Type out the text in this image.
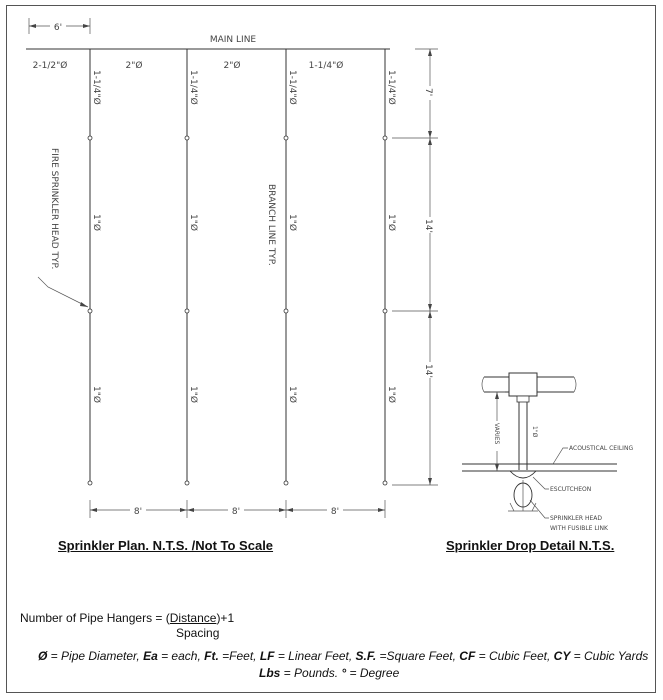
6'
MAIN LINE
2-1/2"Ø	2"Ø	2"Ø	1-1/4"Ø
1-1/4"Ø
1"Ø
1"Ø
1-1/4"Ø
1"Ø
1"Ø
1-1/4"Ø
1"Ø
1"Ø
1-1/4"Ø
1"Ø
1"Ø
FIRE SPRINKLER HEAD TYP.	BRANCH LINE TYP.
7'
14'
14'
8'	8'	8'
VARIES	1"Ø
ACOUSTICAL CEILING
ESCUTCHEON
SPRINKLER HEAD
WITH FUSIBLE LINK
Sprinkler Plan. N.T.S. /Not To Scale	Sprinkler Drop Detail N.T.S.
Number of Pipe Hangers = (Distance)+1
Spacing
Ø = Pipe Diameter, Ea = each, Ft. =Feet, LF = Linear Feet, S.F. =Square Feet, CF = Cubic Feet, CY = Cubic Yards
Lbs = Pounds. ° = Degree
